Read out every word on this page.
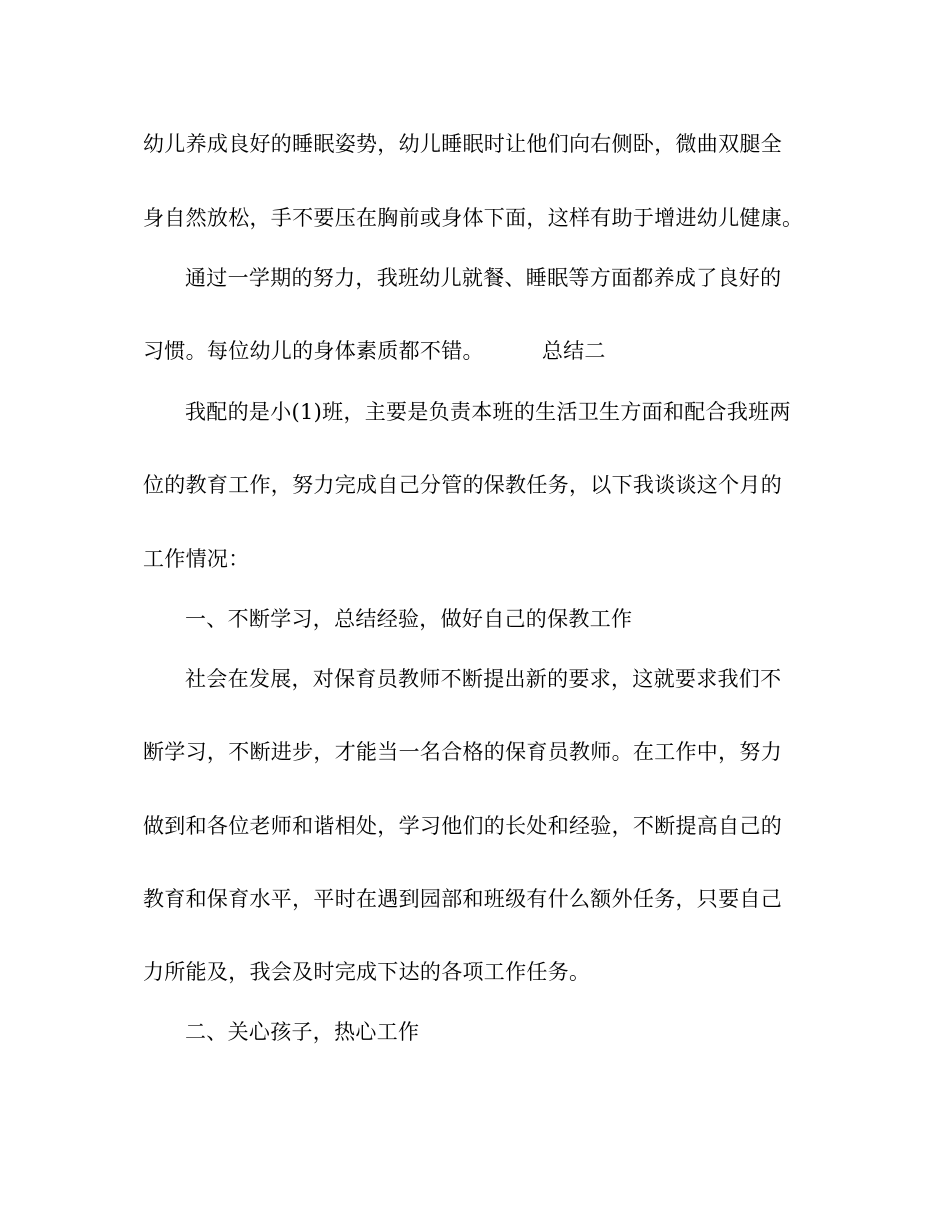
幼儿养成良好的睡眠姿势，幼儿睡眠时让他们向右侧卧，微曲双腿全
身自然放松，手不要压在胸前或身体下面，这样有助于增进幼儿健康。
通过一学期的努力，我班幼儿就餐、睡眠等方面都养成了良好的
习惯。每位幼儿的身体素质都不错。	总结二
我配的是小(1)班，主要是负责本班的生活卫生方面和配合我班两
位的教育工作，努力完成自己分管的保教任务，以下我谈谈这个月的
工作情况：
一、不断学习，总结经验，做好自己的保教工作
社会在发展，对保育员教师不断提出新的要求，这就要求我们不
断学习，不断进步，才能当一名合格的保育员教师。在工作中，努力
做到和各位老师和谐相处，学习他们的长处和经验，不断提高自己的
教育和保育水平，平时在遇到园部和班级有什么额外任务，只要自己
力所能及，我会及时完成下达的各项工作任务。
二、关心孩子，热心工作
